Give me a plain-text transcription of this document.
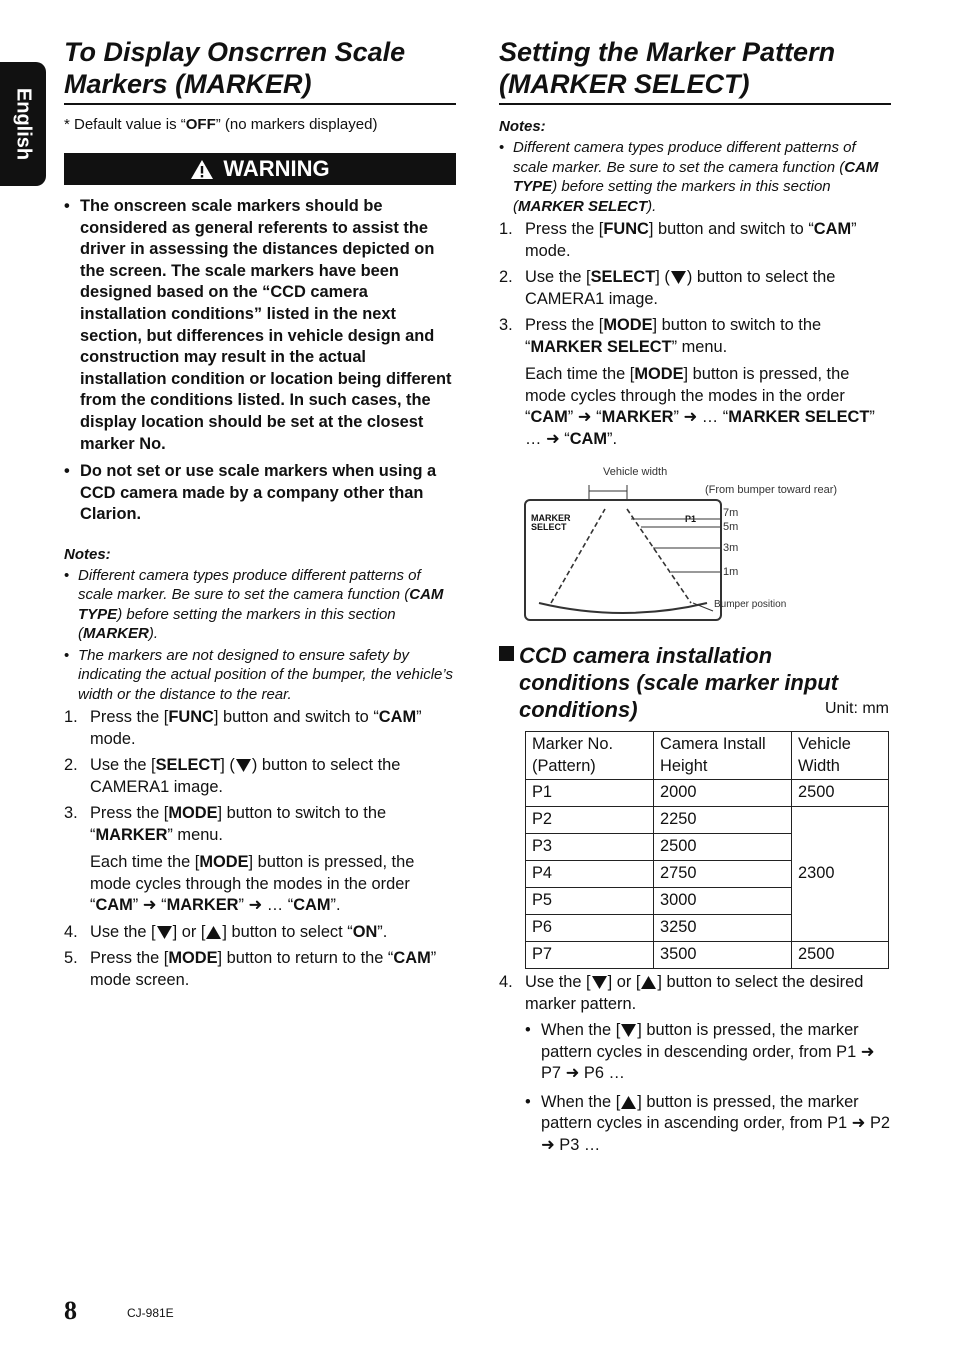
English
To Display Onscrren Scale
Markers (MARKER)
* Default value is “OFF” (no markers displayed)
WARNING
• The onscreen scale markers should be considered as general referents to assist the driver in assessing the distances depicted on the screen. The scale markers have been designed based on the “CCD camera installation conditions” listed in the next section, but differences in vehicle design and construction may result in the actual installation condition or location being different from the conditions listed. In such cases, the display location should be set at the closest marker No.
• Do not set or use scale markers when using a CCD camera made by a company other than Clarion.
Notes:
• Different camera types produce different patterns of scale marker. Be sure to set the camera function (CAM TYPE) before setting the markers in this section (MARKER).
• The markers are not designed to ensure safety by indicating the actual position of the bumper, the vehicle’s width or the distance to the rear.
1. Press the [FUNC] button and switch to “CAM” mode.
2. Use the [SELECT] ( ) button to select the CAMERA1 image.
3. Press the [MODE] button to switch to the “MARKER” menu.
Each time the [MODE] button is pressed, the mode cycles through the modes in the order “CAM” ➜ “MARKER” ➜ … “CAM”.
4. Use the [ ] or [ ] button to select “ON”.
5. Press the [MODE] button to return to the “CAM” mode screen.
Setting the Marker Pattern
(MARKER SELECT)
Notes:
• Different camera types produce different patterns of scale marker. Be sure to set the camera function (CAM TYPE) before setting the markers in this section (MARKER SELECT).
1. Press the [FUNC] button and switch to “CAM” mode.
2. Use the [SELECT] ( ) button to select the CAMERA1 image.
3. Press the [MODE] button to switch to the “MARKER SELECT” menu.
Each time the [MODE] button is pressed, the mode cycles through the modes in the order “CAM” ➜ “MARKER” ➜ … “MARKER SELECT” … ➜ “CAM”.
Vehicle width
(From bumper toward rear)
MARKER
SELECT
P1 7m
5m
3m
1m
Bumper position
CCD camera installation
conditions (scale marker input
conditions)	Unit: mm
Marker No.
(Pattern)	Camera Install
Height	Vehicle
Width
P1	2000	2500
P2	2250	2300
P3	2500	
P4	2750	
P5	3000	
P6	3250	
P7	3500	2500
4. Use the [ ] or [ ] button to select the desired marker pattern.
• When the [ ] button is pressed, the marker pattern cycles in descending order, from P1 ➜ P7 ➜ P6 …
• When the [ ] button is pressed, the marker pattern cycles in ascending order, from P1 ➜ P2 ➜ P3 …
8	CJ-981E
